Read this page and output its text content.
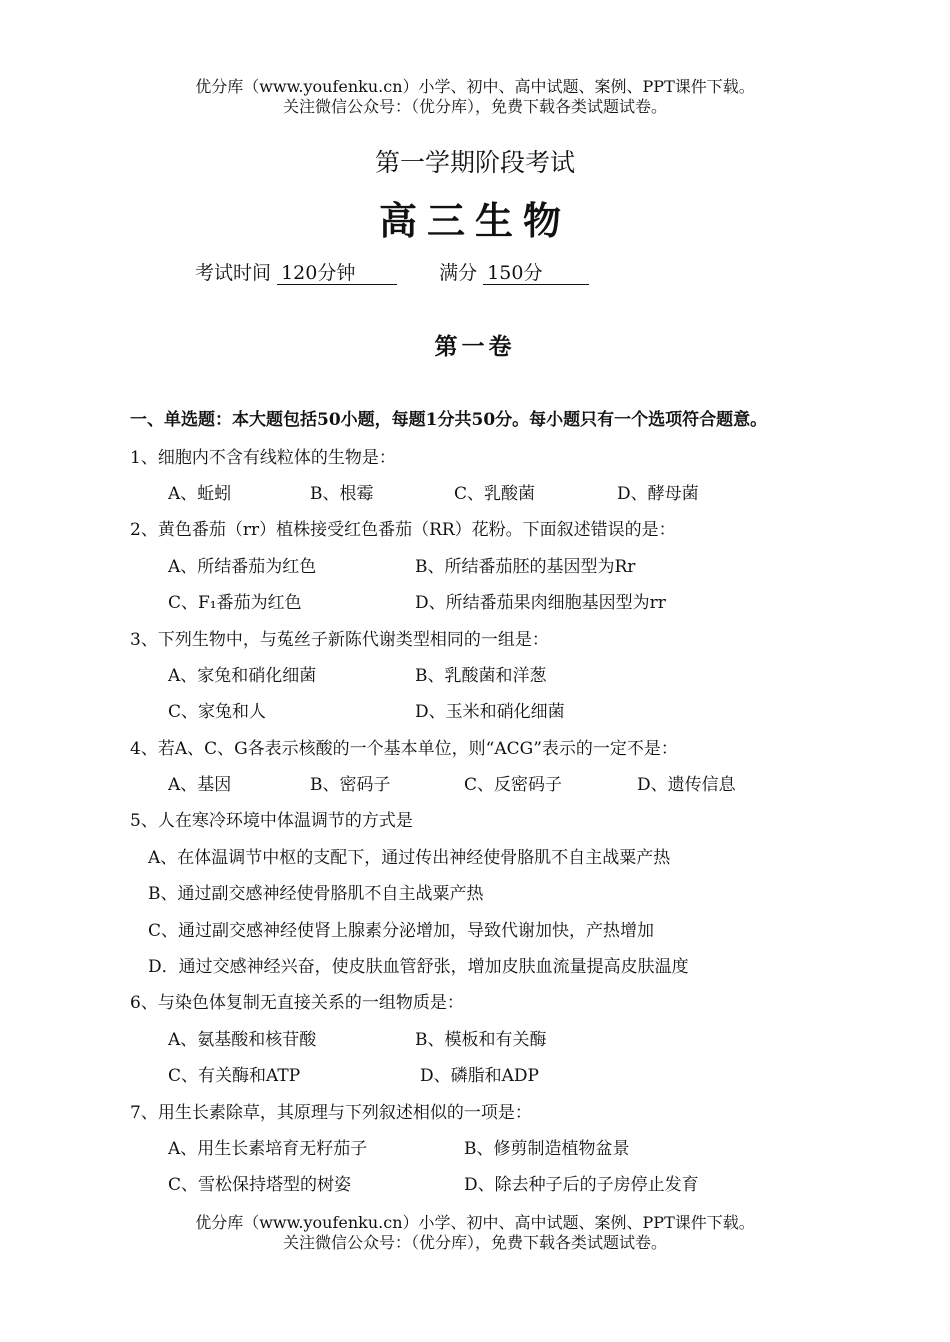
优分库（www.youfenku.cn）小学、初中、高中试题、案例、PPT课件下载。
关注微信公众号：（优分库），免费下载各类试题试卷。
第一学期阶段考试
高三生物
考试时间 120分钟	满分 150分
第一卷
一、单选题：本大题包括50小题，每题1分共50分。每小题只有一个选项符合题意。
1、细胞内不含有线粒体的生物是：
A、蚯蚓	B、根霉	C、乳酸菌	D、酵母菌
2、黄色番茄（rr）植株接受红色番茄（RR）花粉。下面叙述错误的是：
A、所结番茄为红色	B、所结番茄胚的基因型为Rr
C、F₁番茄为红色	D、所结番茄果肉细胞基因型为rr
3、下列生物中，与菟丝子新陈代谢类型相同的一组是：
A、家兔和硝化细菌	B、乳酸菌和洋葱
C、家兔和人	D、玉米和硝化细菌
4、若A、C、G各表示核酸的一个基本单位，则“ACG”表示的一定不是：
A、基因	B、密码子	C、反密码子	D、遗传信息
5、人在寒冷环境中体温调节的方式是
A、在体温调节中枢的支配下，通过传出神经使骨胳肌不自主战粟产热
B、通过副交感神经使骨胳肌不自主战粟产热
C、通过副交感神经使肾上腺素分泌增加，导致代谢加快，产热增加
D．通过交感神经兴奋，使皮肤血管舒张，增加皮肤血流量提高皮肤温度
6、与染色体复制无直接关系的一组物质是：
A、氨基酸和核苷酸	B、模板和有关酶
C、有关酶和ATP	D、磷脂和ADP
7、用生长素除草，其原理与下列叙述相似的一项是：
A、用生长素培育无籽茄子	B、修剪制造植物盆景
C、雪松保持塔型的树姿	D、除去种子后的子房停止发育
优分库（www.youfenku.cn）小学、初中、高中试题、案例、PPT课件下载。
关注微信公众号：（优分库），免费下载各类试题试卷。
